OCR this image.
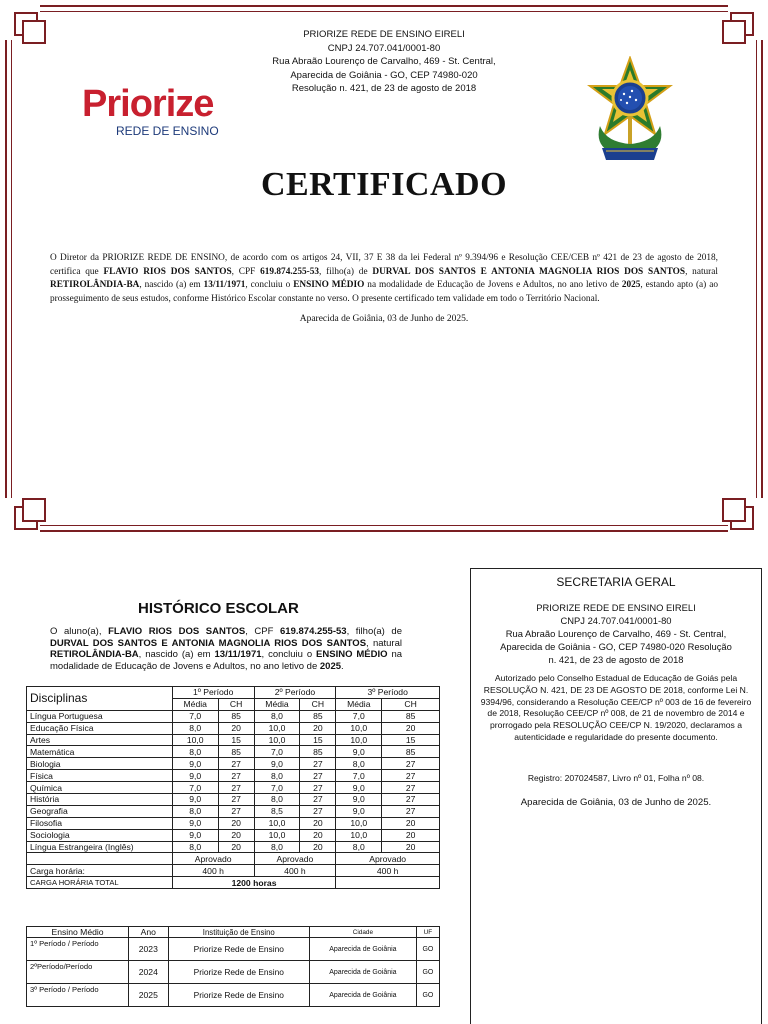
PRIORIZE REDE DE ENSINO EIRELI
CNPJ 24.707.041/0001-80
Rua Abraão Lourenço de Carvalho, 469 - St. Central,
Aparecida de Goiânia - GO, CEP 74980-020
Resolução n. 421, de 23 de agosto de 2018
Priorize
REDE DE ENSINO
CERTIFICADO
O Diretor da PRIORIZE REDE DE ENSINO, de acordo com os artigos 24, VII, 37 E 38 da lei Federal nº 9.394/96 e Resolução CEE/CEB nº 421 de 23 de agosto de 2018, certifica que FLAVIO RIOS DOS SANTOS, CPF 619.874.255-53, filho(a) de DURVAL DOS SANTOS E ANTONIA MAGNOLIA RIOS DOS SANTOS, natural RETIROLÂNDIA-BA, nascido (a) em 13/11/1971, concluiu o ENSINO MÉDIO na modalidade de Educação de Jovens e Adultos, no ano letivo de 2025, estando apto (a) ao prosseguimento de seus estudos, conforme Histórico Escolar constante no verso. O presente certificado tem validade em todo o Território Nacional.
Aparecida de Goiânia, 03 de Junho de 2025.
HISTÓRICO ESCOLAR
O aluno(a), FLAVIO RIOS DOS SANTOS, CPF 619.874.255-53, filho(a) de DURVAL DOS SANTOS E ANTONIA MAGNOLIA RIOS DOS SANTOS, natural RETIROLÂNDIA-BA, nascido (a) em 13/11/1971, concluiu o ENSINO MÉDIO na modalidade de Educação de Jovens e Adultos, no ano letivo de 2025.
Disciplinas	1º Período		2º Período		3º Período	
	Média	CH	Média	CH	Média	CH
Língua Portuguesa	7,0	85	8,0	85	7,0	85
Educação Física	8,0	20	10,0	20	10,0	20
Artes	10,0	15	10,0	15	10,0	15
Matemática	8,0	85	7,0	85	9,0	85
Biologia	9,0	27	9,0	27	8,0	27
Física	9,0	27	8,0	27	7,0	27
Química	7,0	27	7,0	27	9,0	27
História	9,0	27	8,0	27	9,0	27
Geografia	8,0	27	8,5	27	9,0	27
Filosofia	9,0	20	10,0	20	10,0	20
Sociologia	9,0	20	10,0	20	10,0	20
Língua Estrangeira (Inglês)	8,0	20	8,0	20	8,0	20
	Aprovado		Aprovado		Aprovado	
Carga horária:	400 h		400 h		400 h	
CARGA HORÁRIA TOTAL	1200 horas					
Ensino Médio	Ano	Instituição de Ensino	Cidade	UF
1º Período / Período	2023	Priorize Rede de Ensino	Aparecida de Goiânia	GO
2ºPeríodo/Período	2024	Priorize Rede de Ensino	Aparecida de Goiânia	GO
3º Período / Período	2025	Priorize Rede de Ensino	Aparecida de Goiânia	GO
SECRETARIA GERAL
PRIORIZE REDE DE ENSINO EIRELI
CNPJ 24.707.041/0001-80
Rua Abraão Lourenço de Carvalho, 469 - St. Central,
Aparecida de Goiânia - GO, CEP 74980-020 Resolução
n. 421, de 23 de agosto de 2018
Autorizado pelo Conselho Estadual de Educação de Goiás pela RESOLUÇÃO N. 421, DE 23 DE AGOSTO DE 2018, conforme Lei N. 9394/96, considerando a Resolução CEE/CP nº 003 de 16 de fevereiro de 2018, Resolução CEE/CP nº 008, de 21 de novembro de 2014 e prorrogado pela RESOLUÇÃO CEE/CP N. 19/2020, declaramos a autenticidade e regularidade do presente documento.
Registro: 207024587, Livro nº 01, Folha nº 08.
Aparecida de Goiânia, 03 de Junho de 2025.
